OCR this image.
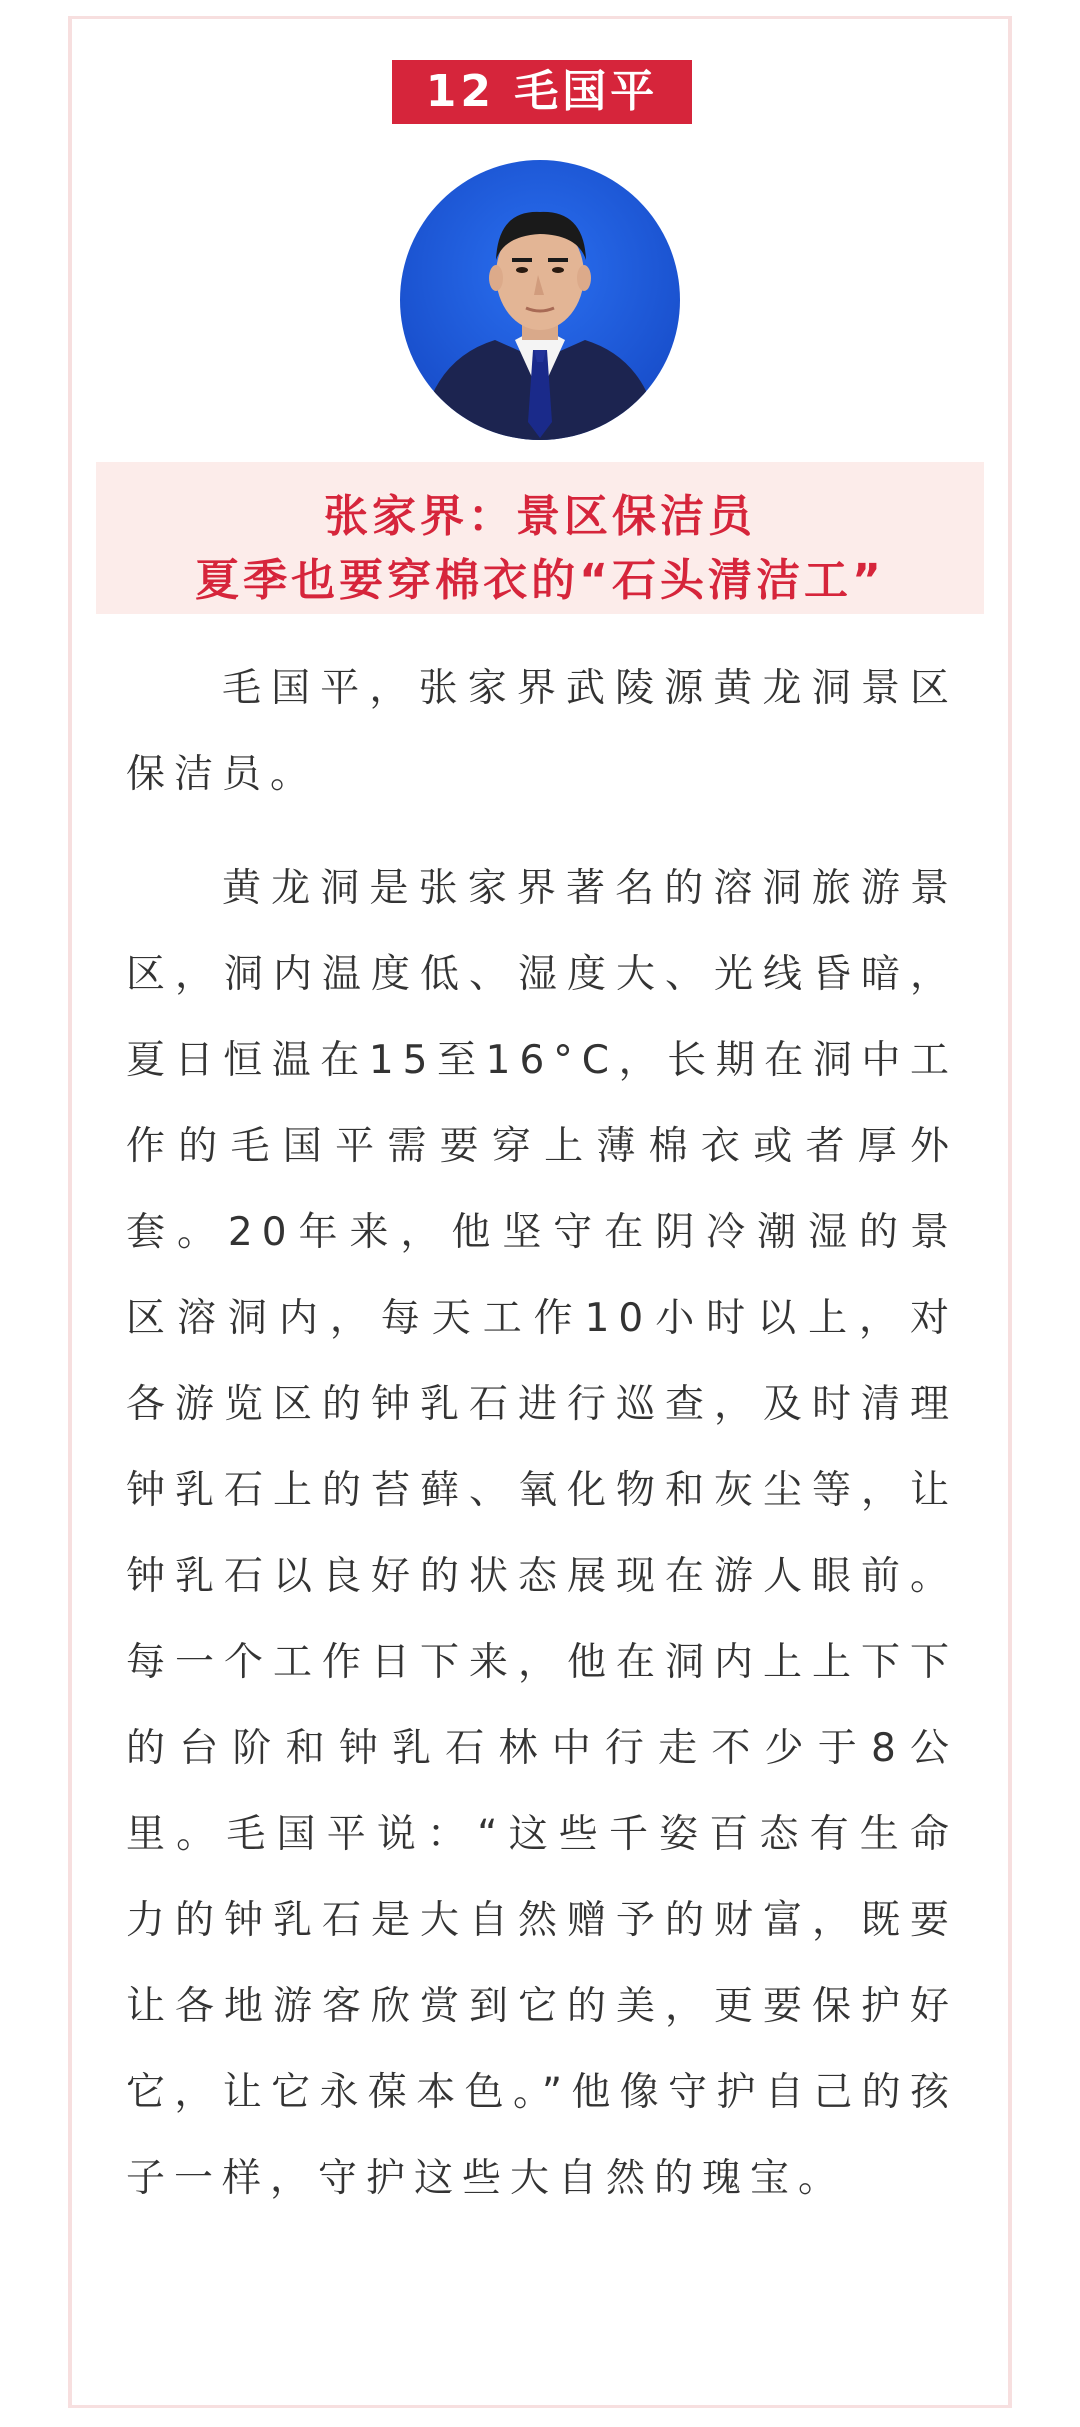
12 毛国平
张家界：景区保洁员
夏季也要穿棉衣的“石头清洁工”

毛国平，张家界武陵源黄龙洞景区保洁员。

黄龙洞是张家界著名的溶洞旅游景区，洞内温度低、湿度大、光线昏暗，夏日恒温在15至16°C，长期在洞中工作的毛国平需要穿上薄棉衣或者厚外套。20年来，他坚守在阴冷潮湿的景区溶洞内，每天工作10小时以上，对各游览区的钟乳石进行巡查，及时清理钟乳石上的苔藓、氧化物和灰尘等，让钟乳石以良好的状态展现在游人眼前。每一个工作日下来，他在洞内上上下下的台阶和钟乳石林中行走不少于8公里。毛国平说：“这些千姿百态有生命力的钟乳石是大自然赠予的财富，既要让各地游客欣赏到它的美，更要保护好它，让它永葆本色。”他像守护自己的孩子一样，守护这些大自然的瑰宝。
